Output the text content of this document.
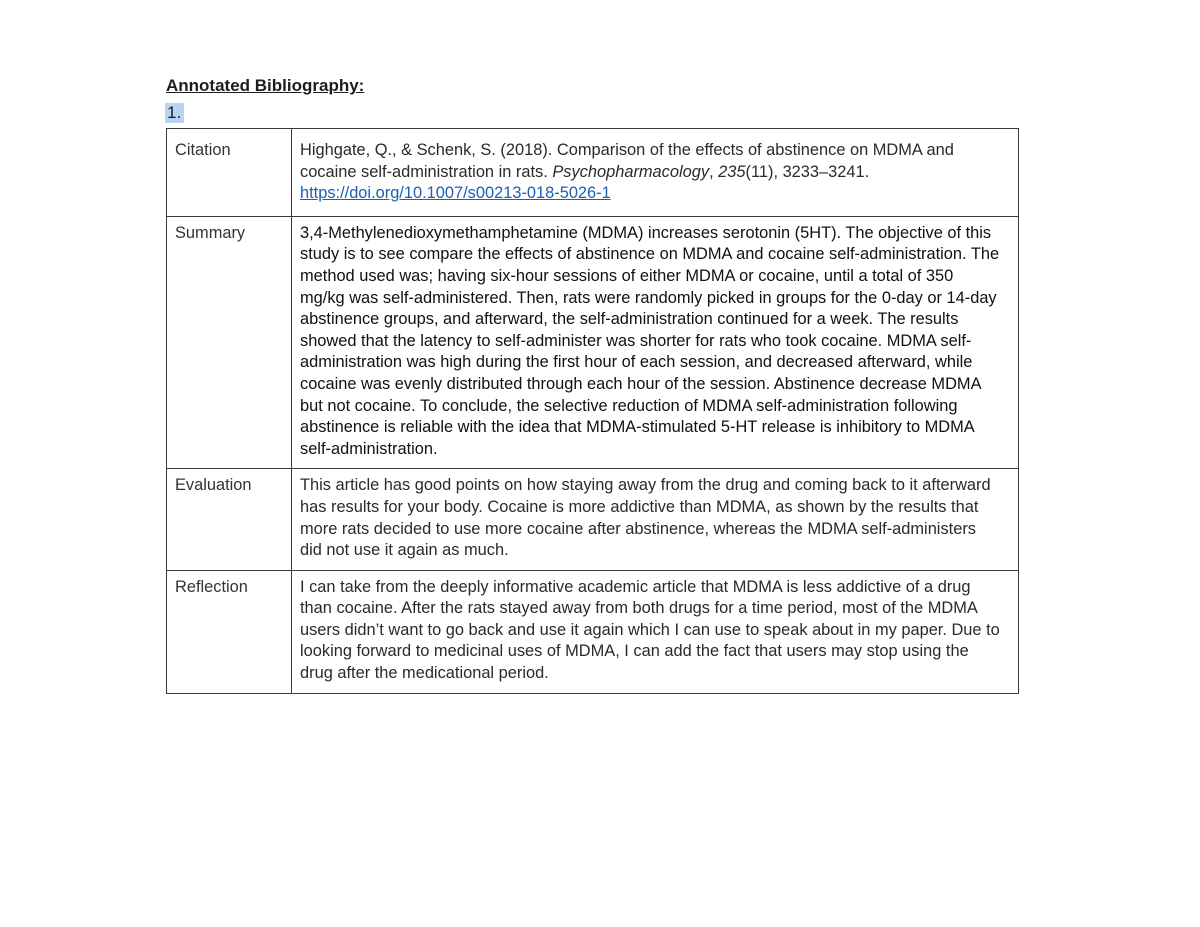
Annotated Bibliography:
1.
Citation	Highgate, Q., & Schenk, S. (2018). Comparison of the effects of abstinence on MDMA and cocaine self-administration in rats. Psychopharmacology, 235(11), 3233–3241. https://doi.org/10.1007/s00213-018-5026-1
Summary	3,4-Methylenedioxymethamphetamine (MDMA) increases serotonin (5HT). The objective of this study is to see compare the effects of abstinence on MDMA and cocaine self-administration. The method used was; having six-hour sessions of either MDMA or cocaine, until a total of 350 mg/kg was self-administered. Then, rats were randomly picked in groups for the 0-day or 14-day abstinence groups, and afterward, the self-administration continued for a week. The results showed that the latency to self-administer was shorter for rats who took cocaine. MDMA self-administration was high during the first hour of each session, and decreased afterward, while cocaine was evenly distributed through each hour of the session. Abstinence decrease MDMA but not cocaine. To conclude, the selective reduction of MDMA self-administration following abstinence is reliable with the idea that MDMA-stimulated 5-HT release is inhibitory to MDMA self-administration.
Evaluation	This article has good points on how staying away from the drug and coming back to it afterward has results for your body. Cocaine is more addictive than MDMA, as shown by the results that more rats decided to use more cocaine after abstinence, whereas the MDMA self-administers did not use it again as much.
Reflection	I can take from the deeply informative academic article that MDMA is less addictive of a drug than cocaine. After the rats stayed away from both drugs for a time period, most of the MDMA users didn’t want to go back and use it again which I can use to speak about in my paper. Due to looking forward to medicinal uses of MDMA, I can add the fact that users may stop using the drug after the medicational period.
